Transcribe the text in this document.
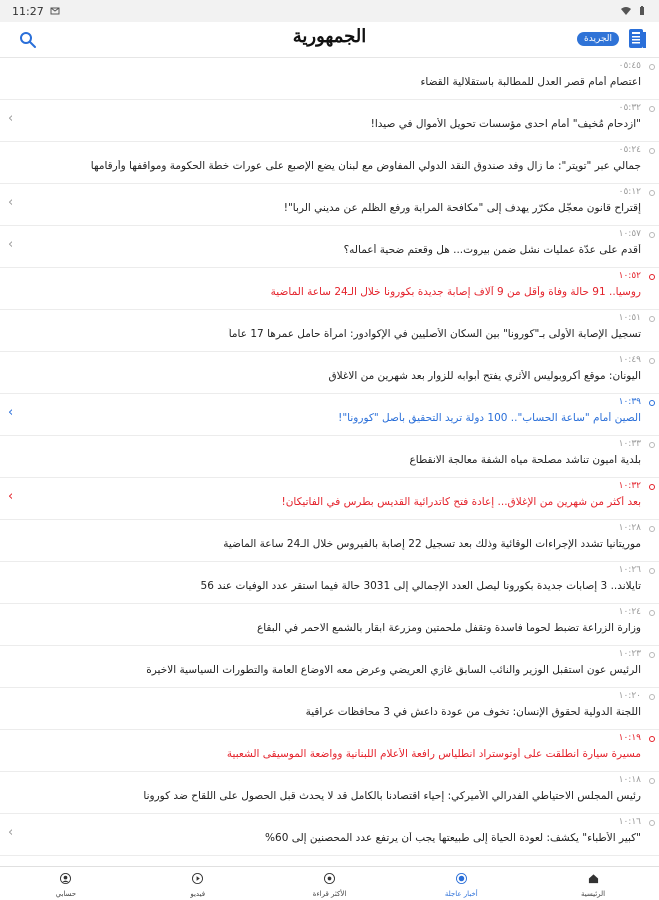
11:27
الجمهورية	الجريدة
٠٥:٤٥
اعتصام أمام قصر العدل للمطالبة باستقلالية القضاء
٠٥:٣٢
"ازدحام مُخيف" أمام احدى مؤسسات تحويل الأموال في صيدا!
‹
٠٥:٢٤
جمالي عبر "تويتر": ما زال وفد صندوق النقد الدولي المفاوض مع لبنان يضع الإصبع على عورات خطة الحكومة ومواقفها وأرقامها
٠٥:١٢
إقتراح قانون معجّل مكرّر يهدف إلى "مكافحة المرابة ورفع الظلم عن مديني الربا"!
‹
١٠:٥٧
أقدم على عدّة عمليات نشل ضمن بيروت... هل وقعتم ضحية أعماله؟
‹
١٠:٥٢
روسيا.. 91 حالة وفاة وأقل من 9 آلاف إصابة جديدة بكورونا خلال الـ24 ساعة الماضية
١٠:٥١
تسجيل الإصابة الأولى بـ"كورونا" بين السكان الأصليين في الإكوادور: امرأة حامل عمرها 17 عاماً
١٠:٤٩
اليونان: موقع أكروبوليس الأثري يفتح أبوابه للزوار بعد شهرين من الاغلاق
١٠:٣٩
الصين أمام "ساعة الحساب".. 100 دولة تريد التحقيق بأصل "كورونا"!
‹
١٠:٣٣
بلدية اميون تناشد مصلحة مياه الشفة معالجة الانقطاع
١٠:٣٢
بعد أكثر من شهرين من الإغلاق... إعادة فتح كاتدرائية القديس بطرس في الفاتيكان!
‹
١٠:٢٨
موريتانيا تشدد الإجراءات الوقائية وذلك بعد تسجيل 22 إصابة بالفيروس خلال الـ24 ساعة الماضية
١٠:٢٦
تايلاند.. 3 إصابات جديدة بكورونا ليصل العدد الإجمالي إلى 3031 حالة فيما استقر عدد الوفيات عند 56
١٠:٢٤
وزارة الزراعة تضبط لحوماً فاسدة وتقفل ملحمتين ومزرعة ابقار بالشمع الاحمر في البقاع
١٠:٢٣
الرئيس عون استقبل الوزير والنائب السابق غازي العريضي وعرض معه الاوضاع العامة والتطورات السياسية الاخيرة
١٠:٢٠
اللجنة الدولية لحقوق الإنسان: تخوف من عودة داعش في 3 محافظات عراقية
١٠:١٩
مسيرة سيارة انطلقت على أوتوستراد انطلياس رافعة الأعلام اللبنانية وواضعة الموسيقى الشعبية
١٠:١٨
رئيس المجلس الاحتياطي الفدرالي الأميركي: إحياء اقتصادنا بالكامل قد لا يحدث قبل الحصول على اللقاح ضد كورونا
١٠:١٦
"كبير الأطباء" يكشف: لعودة الحياة إلى طبيعتها يجب أن يرتفع عدد المحصنين إلى 60%
‹
حسابي	فيديو	الأكثر قراءة	أخبار عاجلة	الرئيسية
